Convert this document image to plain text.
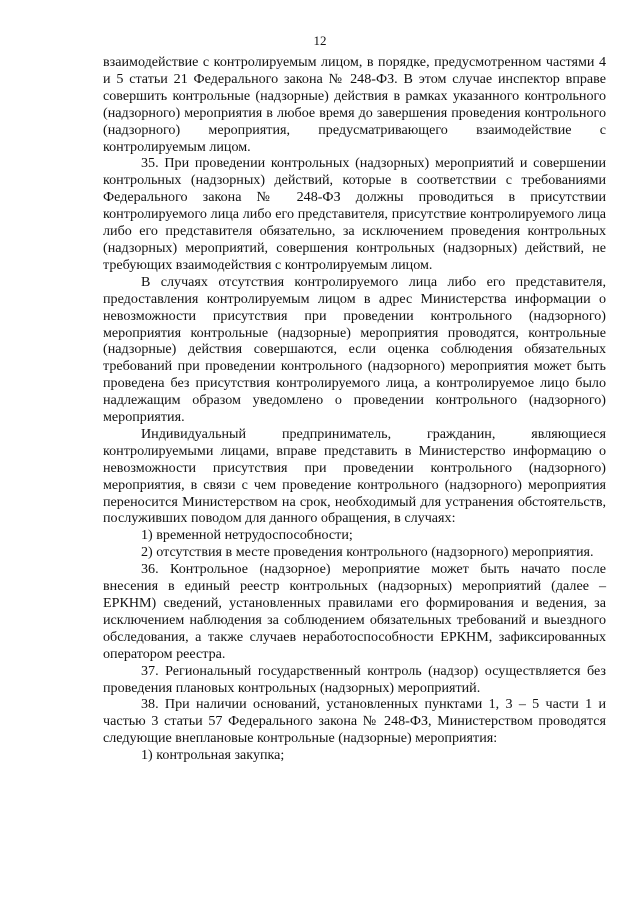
12

взаимодействие с контролируемым лицом, в порядке, предусмотренном частями 4 и 5 статьи 21 Федерального закона № 248-ФЗ. В этом случае инспектор вправе совершить контрольные (надзорные) действия в рамках указанного контрольного (надзорного) мероприятия в любое время до завершения проведения контрольного (надзорного) мероприятия, предусматривающего взаимодействие с контролируемым лицом.

35. При проведении контрольных (надзорных) мероприятий и совершении контрольных (надзорных) действий, которые в соответствии с требованиями Федерального закона № 248-ФЗ должны проводиться в присутствии контролируемого лица либо его представителя, присутствие контролируемого лица либо его представителя обязательно, за исключением проведения контрольных (надзорных) мероприятий, совершения контрольных (надзорных) действий, не требующих взаимодействия с контролируемым лицом.

В случаях отсутствия контролируемого лица либо его представителя, предоставления контролируемым лицом в адрес Министерства информации о невозможности присутствия при проведении контрольного (надзорного) мероприятия контрольные (надзорные) мероприятия проводятся, контрольные (надзорные) действия совершаются, если оценка соблюдения обязательных требований при проведении контрольного (надзорного) мероприятия может быть проведена без присутствия контролируемого лица, а контролируемое лицо было надлежащим образом уведомлено о проведении контрольного (надзорного) мероприятия.

Индивидуальный предприниматель, гражданин, являющиеся контролируемыми лицами, вправе представить в Министерство информацию о невозможности присутствия при проведении контрольного (надзорного) мероприятия, в связи с чем проведение контрольного (надзорного) мероприятия переносится Министерством на срок, необходимый для устранения обстоятельств, послуживших поводом для данного обращения, в случаях:

1) временной нетрудоспособности;

2) отсутствия в месте проведения контрольного (надзорного) мероприятия.

36. Контрольное (надзорное) мероприятие может быть начато после внесения в единый реестр контрольных (надзорных) мероприятий (далее – ЕРКНМ) сведений, установленных правилами его формирования и ведения, за исключением наблюдения за соблюдением обязательных требований и выездного обследования, а также случаев неработоспособности ЕРКНМ, зафиксированных оператором реестра.

37. Региональный государственный контроль (надзор) осуществляется без проведения плановых контрольных (надзорных) мероприятий.

38. При наличии оснований, установленных пунктами 1, 3 – 5 части 1 и частью 3 статьи 57 Федерального закона № 248-ФЗ, Министерством проводятся следующие внеплановые контрольные (надзорные) мероприятия:

1) контрольная закупка;
